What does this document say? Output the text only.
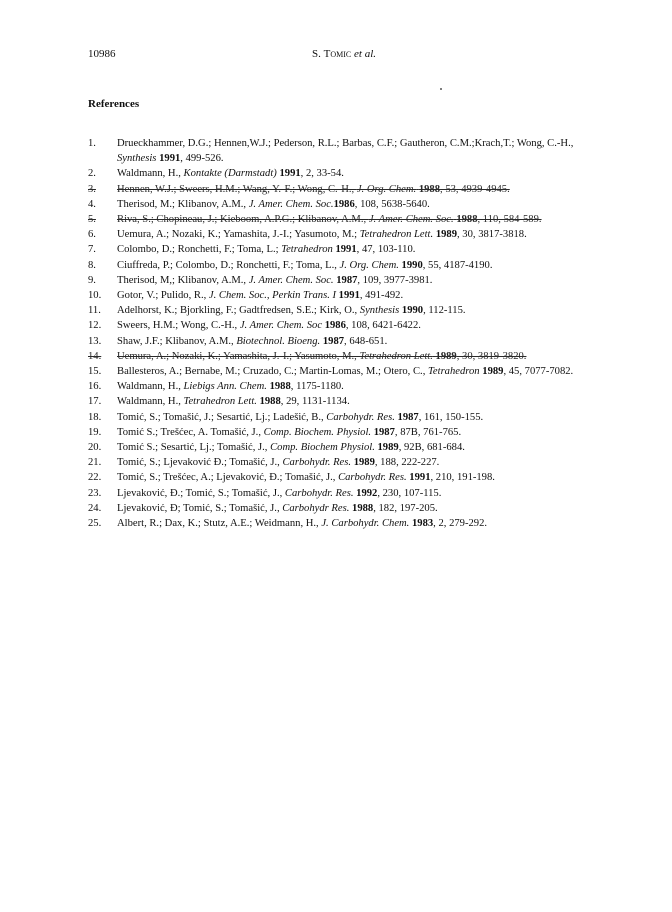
10986	S. Tomic et al.
References
1.	Drueckhammer, D.G.; Hennen,W.J.; Pederson, R.L.; Barbas, C.F.; Gautheron, C.M.;Krach,T.; Wong, C.-H., Synthesis 1991, 499-526.
2.	Waldmann, H., Kontakte (Darmstadt) 1991, 2, 33-54.
3.	Hennen, W.J.; Sweers, H.M.; Wang, Y.-F.; Wong, C.-H., J. Org. Chem. 1988, 53, 4939-4945.
4.	Therisod, M.; Klibanov, A.M., J. Amer. Chem. Soc.1986, 108, 5638-5640.
5.	Riva, S.; Chopineau, J.; Kieboom, A.P.G.; Klibanov, A.M., J. Amer. Chem. Soc. 1988, 110, 584-589.
6.	Uemura, A.; Nozaki, K.; Yamashita, J.-I.; Yasumoto, M.; Tetrahedron Lett. 1989, 30, 3817-3818.
7.	Colombo, D.; Ronchetti, F.; Toma, L.; Tetrahedron 1991, 47, 103-110.
8.	Ciuffreda, P.; Colombo, D.; Ronchetti, F.; Toma, L., J. Org. Chem. 1990, 55, 4187-4190.
9.	Therisod, M,; Klibanov, A.M., J. Amer. Chem. Soc. 1987, 109, 3977-3981.
10.	Gotor, V.; Pulido, R., J. Chem. Soc., Perkin Trans. I 1991, 491-492.
11.	Adelhorst, K.; Bjorkling, F.; Gadtfredsen, S.E.; Kirk, O., Synthesis 1990, 112-115.
12.	Sweers, H.M.; Wong, C.-H., J. Amer. Chem. Soc 1986, 108, 6421-6422.
13.	Shaw, J.F.; Klibanov, A.M., Biotechnol. Bioeng. 1987, 648-651.
14.	Uemura, A.; Nozaki, K.; Yamashita, J.-I.; Yasumoto, M., Tetrahedron Lett. 1989, 30, 3819-3820.
15.	Ballesteros, A.; Bernabe, M.; Cruzado, C.; Martin-Lomas, M.; Otero, C., Tetrahedron 1989, 45, 7077-7082.
16.	Waldmann, H., Liebigs Ann. Chem. 1988, 1175-1180.
17.	Waldmann, H., Tetrahedron Lett. 1988, 29, 1131-1134.
18.	Tomić, S.; Tomašić, J.; Sesartić, Lj.; Ladešić, B., Carbohydr. Res. 1987, 161, 150-155.
19.	Tomić S.; Trešćec, A. Tomašić, J., Comp. Biochem. Physiol. 1987, 87B, 761-765.
20.	Tomić S.; Sesartić, Lj.; Tomašić, J., Comp. Biochem Physiol. 1989, 92B, 681-684.
21.	Tomić, S.; Ljevaković Đ.; Tomašić, J., Carbohydr. Res. 1989, 188, 222-227.
22.	Tomić, S.; Trešćec, A.; Ljevaković, Đ.; Tomašić, J., Carbohydr. Res. 1991, 210, 191-198.
23.	Ljevaković, Đ.; Tomić, S.; Tomašić, J., Carbohydr. Res. 1992, 230, 107-115.
24.	Ljevaković, Đ; Tomić, S.; Tomašić, J., Carbohydr Res. 1988, 182, 197-205.
25.	Albert, R.; Dax, K.; Stutz, A.E.; Weidmann, H., J. Carbohydr. Chem. 1983, 2, 279-292.
